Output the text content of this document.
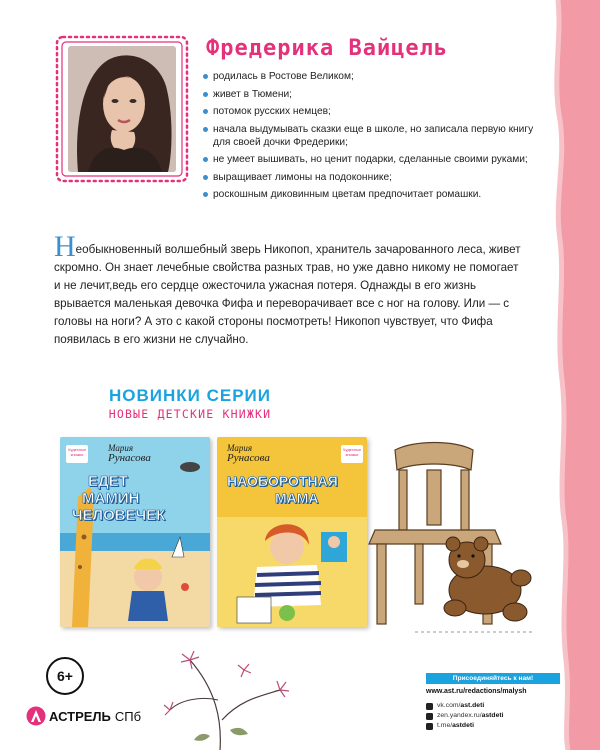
Фредерика Вайцель
родилась в Ростове Великом;
живет в Тюмени;
потомок русских немцев;
начала выдумывать сказки еще в школе, но записала первую книгу для своей дочки Фредерики;
не умеет вышивать, но ценит подарки, сделанные своими руками;
выращивает лимоны на подоконнике;
роскошным диковинным цветам предпочитает ромашки.

Необыкновенный волшебный зверь Никопоп, хранитель зачарованного леса, живет скромно. Он знает лечебные свойства разных трав, но уже давно никому не помогает и не лечит,ведь его сердце ожесточила ужасная потеря. Однажды в его жизнь врывается маленькая девочка Фифа и переворачивает все с ног на голову. Или — с головы на ноги? А это с какой стороны посмотреть! Никопоп чувствует, что Фифа появилась в его жизни не случайно.

НОВИНКИ СЕРИИ
НОВЫЕ ДЕТСКИЕ КНИЖКИ
Чудесные книжки
Мария
Рунасова
ЕДЕТ
МАМИН
ЧЕЛОВЕЧЕК
Чудесные книжки
Мария
Рунасова
НАОБОРОТНАЯ
МАМА
6+
АСТРЕЛЬ СПб
Присоединяйтесь к нам!
www.ast.ru/redactions/malysh
vk.com/ ast.deti
zen.yandex.ru/ astdeti
t.me/ astdeti
